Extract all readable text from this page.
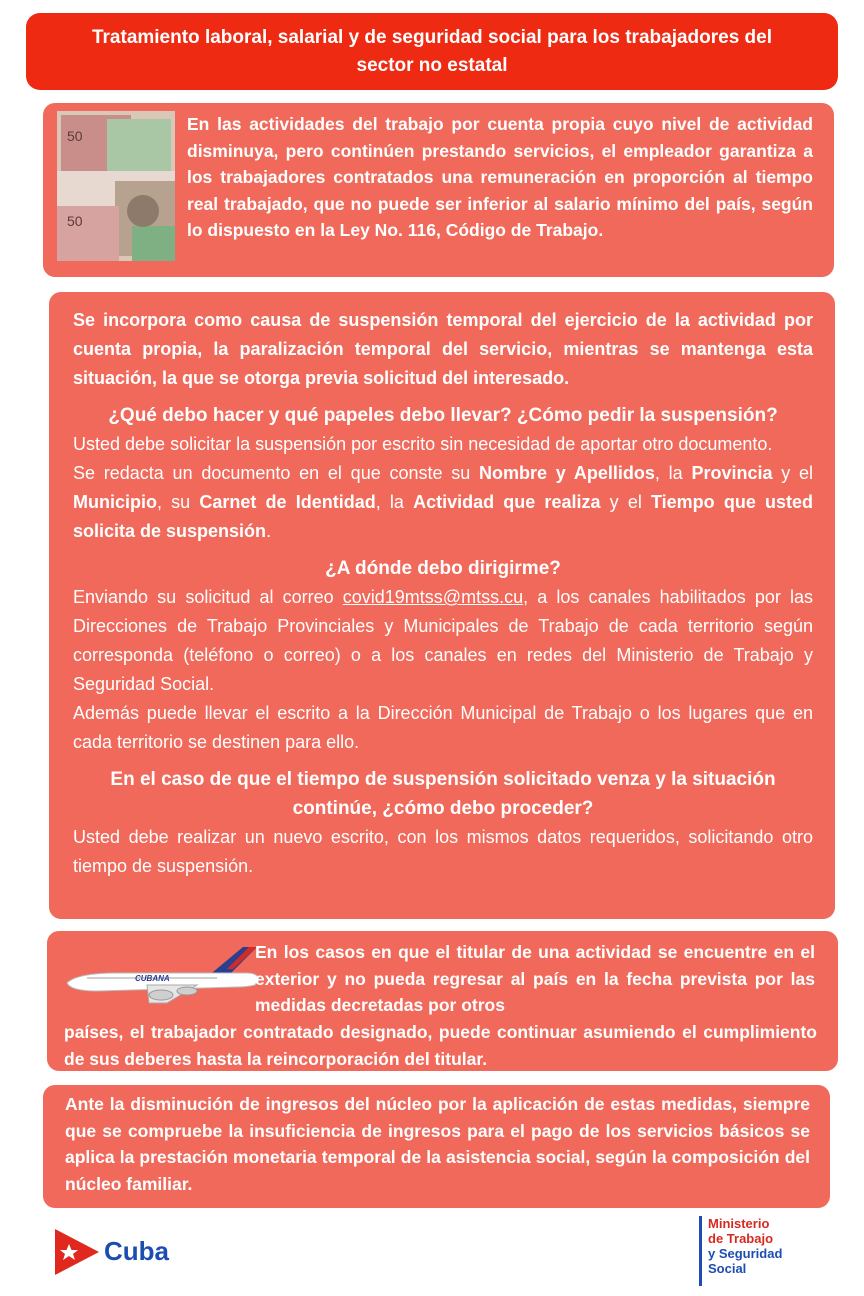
Tratamiento laboral, salarial y de seguridad social para los trabajadores del sector no estatal
50
50

En las actividades del trabajo por cuenta propia cuyo nivel de actividad disminuya, pero continúen prestando servicios, el empleador garantiza a los trabajadores contratados una remuneración en proporción al tiempo real trabajado, que no puede ser inferior al salario mínimo del país, según lo dispuesto en la Ley No. 116, Código de Trabajo.

Se incorpora como causa de suspensión temporal del ejercicio de la actividad por cuenta propia, la paralización temporal del servicio, mientras se mantenga esta situación, la que se otorga previa solicitud del interesado.

¿Qué debo hacer y qué papeles debo llevar? ¿Cómo pedir la suspensión?

Usted debe solicitar la suspensión por escrito sin necesidad de aportar otro documento.

Se redacta un documento en el que conste su Nombre y Apellidos, la Provincia y el Municipio, su Carnet de Identidad, la Actividad que realiza y el Tiempo que usted solicita de suspensión.

¿A dónde debo dirigirme?

Enviando su solicitud al correo covid19mtss@mtss.cu, a los canales habilitados por las Direcciones de Trabajo Provinciales y Municipales de Trabajo de cada territorio según corresponda (teléfono o correo) o a los canales en redes del Ministerio de Trabajo y Seguridad Social.

Además puede llevar el escrito a la Dirección Municipal de Trabajo o los lugares que en cada territorio se destinen para ello.

En el caso de que el tiempo de suspensión solicitado venza y la situación continúe, ¿cómo debo proceder?

Usted debe realizar un nuevo escrito, con los mismos datos requeridos, solicitando otro tiempo de suspensión.

CUBANA

En los casos en que el titular de una actividad se encuentre en el exterior y no pueda regresar al país en la fecha prevista por las medidas decretadas por otros

países, el trabajador contratado designado, puede continuar asumiendo el cumplimiento de sus deberes hasta la reincorporación del titular.

Ante la disminución de ingresos del núcleo por la aplicación de estas medidas, siempre que se compruebe la insuficiencia de ingresos para el pago de los servicios básicos se aplica la prestación monetaria temporal de la asistencia social, según la composición del núcleo familiar.

Cuba
Ministerio
de Trabajo
y Seguridad
Social
